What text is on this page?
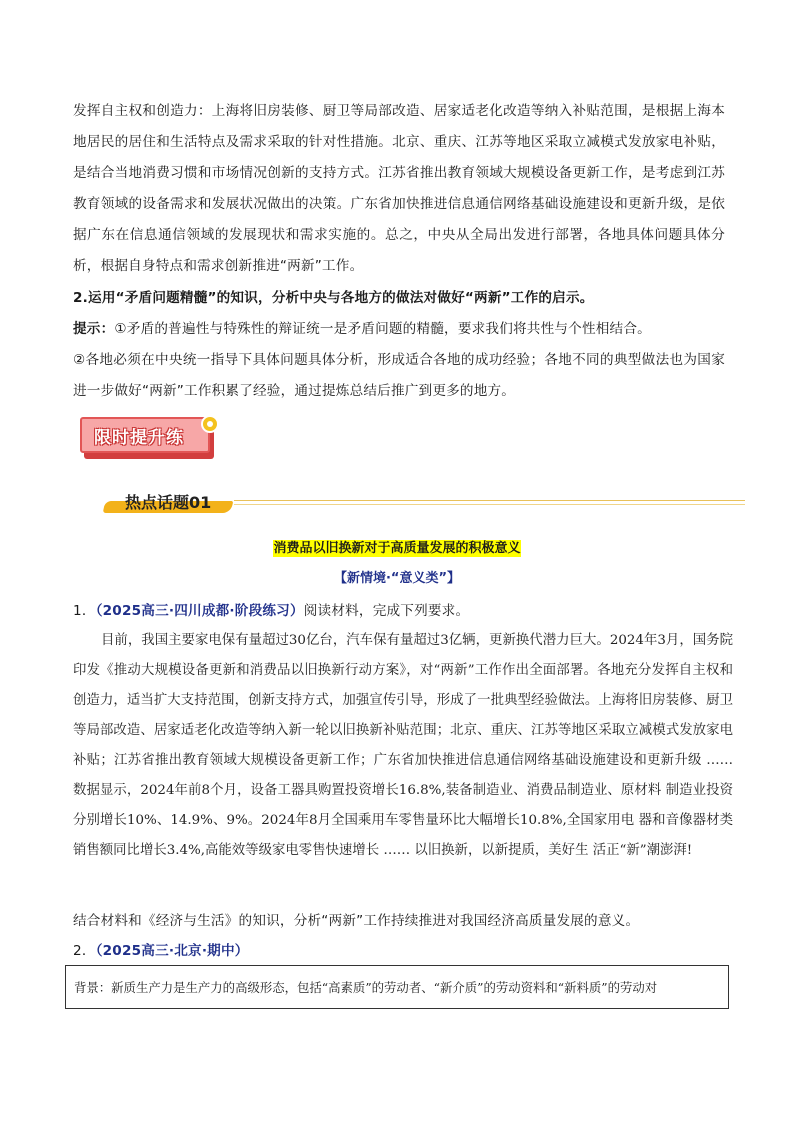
发挥自主权和创造力：上海将旧房装修、厨卫等局部改造、居家适老化改造等纳入补贴范围，是根据上海本地居民的居住和生活特点及需求采取的针对性措施。北京、重庆、江苏等地区采取立减模式发放家电补贴，是结合当地消费习惯和市场情况创新的支持方式。江苏省推出教育领域大规模设备更新工作，是考虑到江苏教育领域的设备需求和发展状况做出的决策。广东省加快推进信息通信网络基础设施建设和更新升级，是依据广东在信息通信领域的发展现状和需求实施的。总之，中央从全局出发进行部署，各地具体问题具体分析，根据自身特点和需求创新推进“两新”工作。
2.运用“矛盾问题精髓”的知识，分析中央与各地方的做法对做好“两新”工作的启示。
提示：①矛盾的普遍性与特殊性的辩证统一是矛盾问题的精髓，要求我们将共性与个性相结合。
②各地必须在中央统一指导下具体问题具体分析，形成适合各地的成功经验；各地不同的典型做法也为国家进一步做好“两新”工作积累了经验，通过提炼总结后推广到更多的地方。
限时提升练
热点话题01
消费品以旧换新对于高质量发展的积极意义
【新情境·“意义类”】
1．（2025高三·四川成都·阶段练习）阅读材料，完成下列要求。
目前，我国主要家电保有量超过30亿台，汽车保有量超过3亿辆，更新换代潜力巨大。2024年3月，国务院印发《推动大规模设备更新和消费品以旧换新行动方案》，对“两新”工作作出全面部署。各地充分发挥自主权和创造力，适当扩大支持范围，创新支持方式，加强宣传引导，形成了一批典型经验做法。上海将旧房装修、厨卫等局部改造、居家适老化改造等纳入新一轮以旧换新补贴范围；北京、重庆、江苏等地区采取立减模式发放家电补贴；江苏省推出教育领域大规模设备更新工作；广东省加快推进信息通信网络基础设施建设和更新升级 ……数据显示，2024年前8个月，设备工器具购置投资增长16.8%,装备制造业、消费品制造业、原材料 制造业投资分别增长10%、14.9%、9%。2024年8月全国乘用车零售量环比大幅增长10.8%,全国家用电 器和音像器材类销售额同比增长3.4%,高能效等级家电零售快速增长 …… 以旧换新，以新提质，美好生 活正“新”潮澎湃!
结合材料和《经济与生活》的知识，分析“两新”工作持续推进对我国经济高质量发展的意义。
2．（2025高三·北京·期中）
背景：新质生产力是生产力的高级形态，包括“高素质”的劳动者、“新介质”的劳动资料和“新料质”的劳动对
